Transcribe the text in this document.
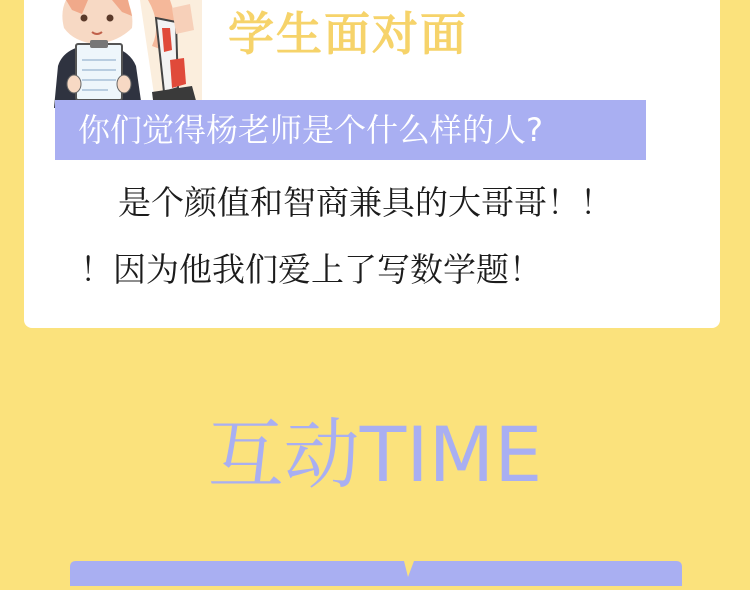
学生面对面
你们觉得杨老师是个什么样的人?
是个颜值和智商兼具的大哥哥！！
！因为他我们爱上了写数学题！
互动TIME
